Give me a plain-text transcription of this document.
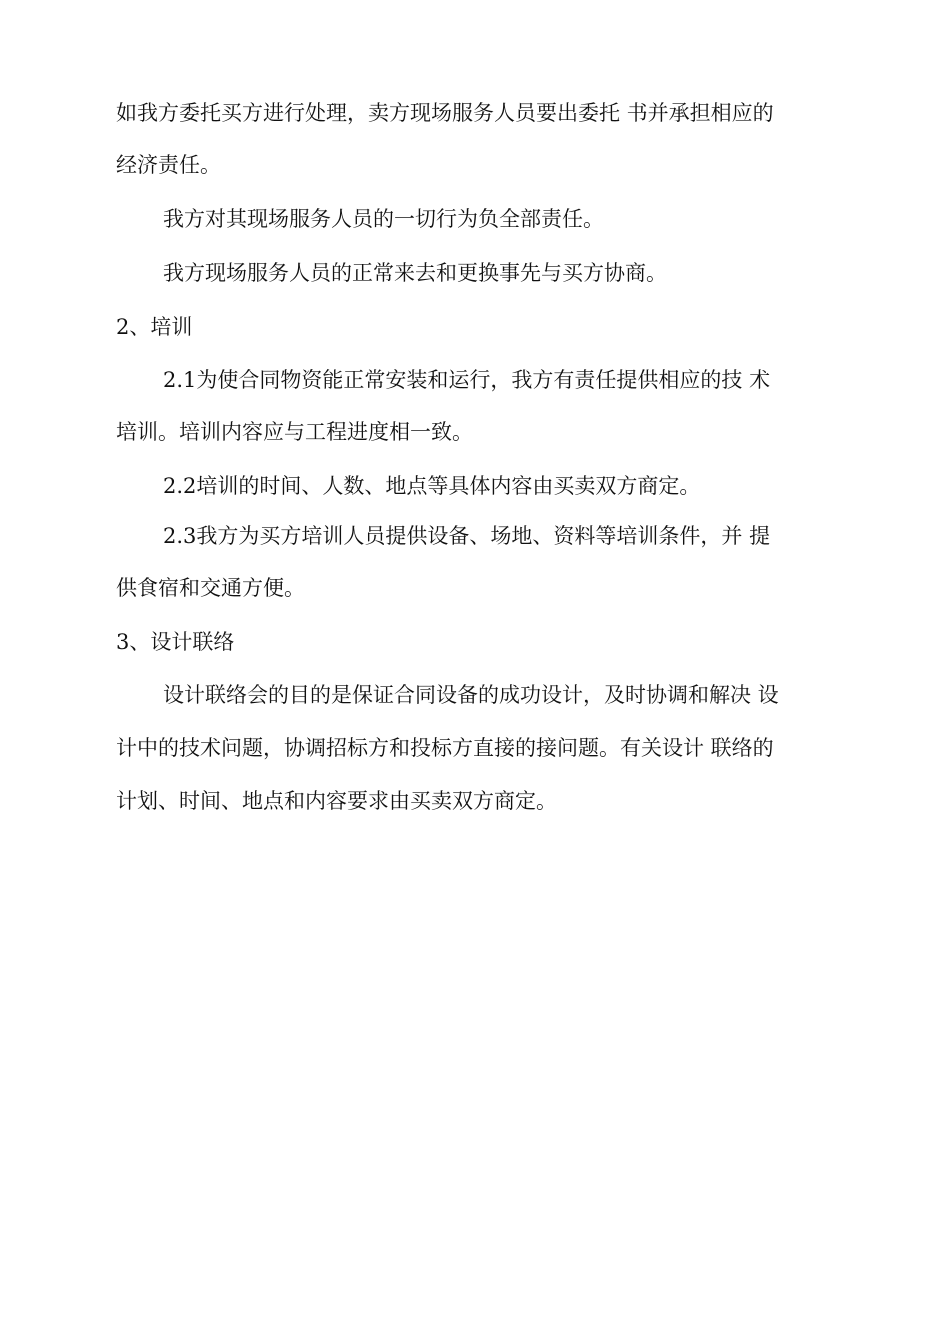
如我方委托买方进行处理，卖方现场服务人员要出委托 书并承担相应的
经济责任。
我方对其现场服务人员的一切行为负全部责任。
我方现场服务人员的正常来去和更换事先与买方协商。
2、培训
2.1为使合同物资能正常安装和运行，我方有责任提供相应的技 术
培训。培训内容应与工程进度相一致。
2.2培训的时间、人数、地点等具体内容由买卖双方商定。
2.3我方为买方培训人员提供设备、场地、资料等培训条件，并 提
供食宿和交通方便。
3、设计联络
设计联络会的目的是保证合同设备的成功设计，及时协调和解决 设
计中的技术问题，协调招标方和投标方直接的接问题。有关设计 联络的
计划、时间、地点和内容要求由买卖双方商定。
